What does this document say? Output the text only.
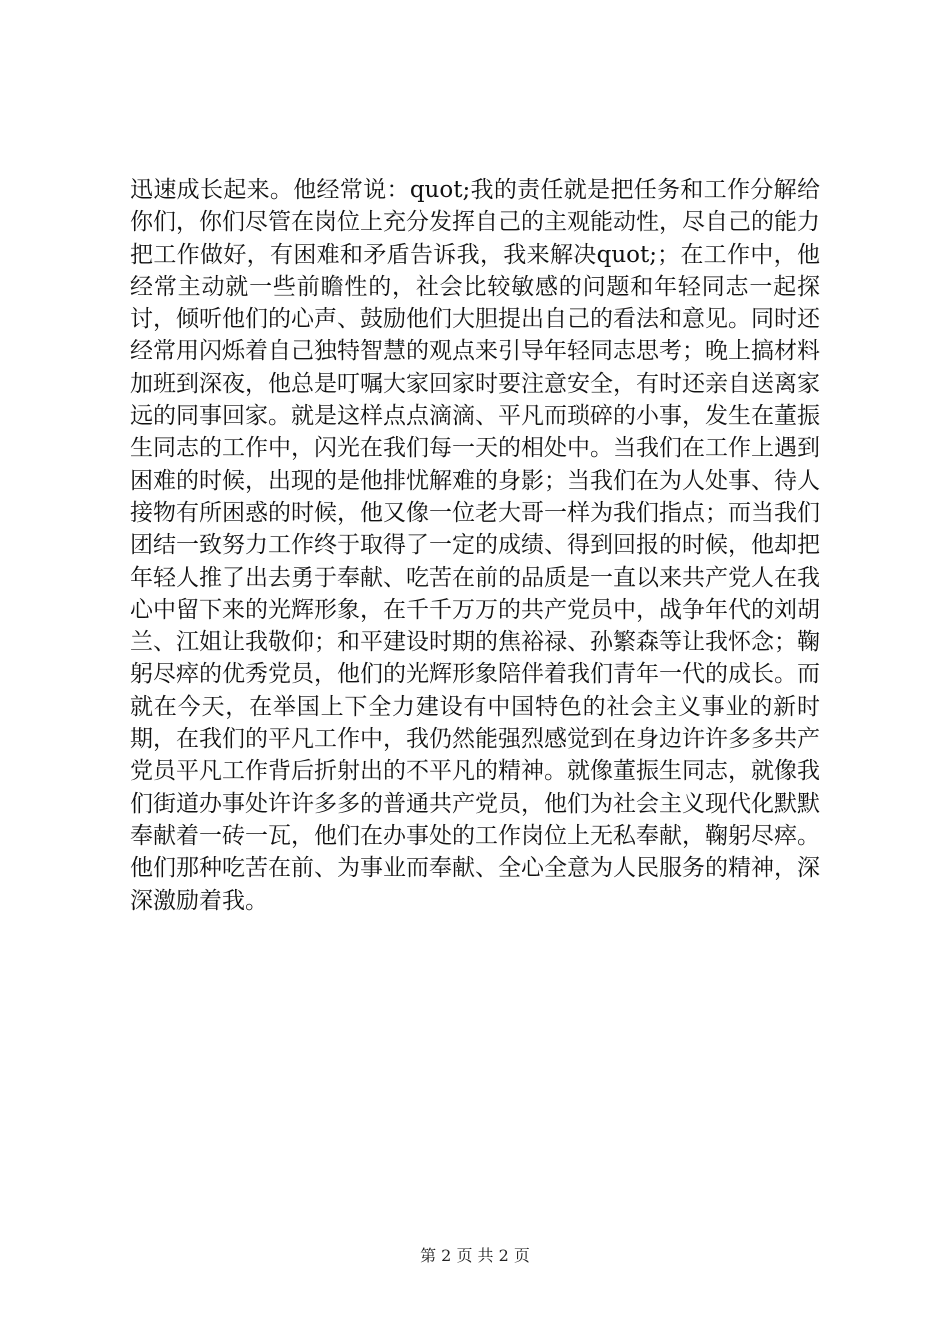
迅速成长起来。他经常说：quot;我的责任就是把任务和工作分解给你们，你们尽管在岗位上充分发挥自己的主观能动性，尽自己的能力把工作做好，有困难和矛盾告诉我，我来解决quot;；在工作中，他经常主动就一些前瞻性的，社会比较敏感的问题和年轻同志一起探讨，倾听他们的心声、鼓励他们大胆提出自己的看法和意见。同时还经常用闪烁着自己独特智慧的观点来引导年轻同志思考；晚上搞材料加班到深夜，他总是叮嘱大家回家时要注意安全，有时还亲自送离家远的同事回家。就是这样点点滴滴、平凡而琐碎的小事，发生在董振生同志的工作中，闪光在我们每一天的相处中。当我们在工作上遇到困难的时候，出现的是他排忧解难的身影；当我们在为人处事、待人接物有所困惑的时候，他又像一位老大哥一样为我们指点；而当我们团结一致努力工作终于取得了一定的成绩、得到回报的时候，他却把年轻人推了出去勇于奉献、吃苦在前的品质是一直以来共产党人在我心中留下来的光辉形象，在千千万万的共产党员中，战争年代的刘胡兰、江姐让我敬仰；和平建设时期的焦裕禄、孙繁森等让我怀念；鞠躬尽瘁的优秀党员，他们的光辉形象陪伴着我们青年一代的成长。而就在今天，在举国上下全力建设有中国特色的社会主义事业的新时期，在我们的平凡工作中，我仍然能强烈感觉到在身边许许多多共产党员平凡工作背后折射出的不平凡的精神。就像董振生同志，就像我们街道办事处许许多多的普通共产党员，他们为社会主义现代化默默奉献着一砖一瓦，他们在办事处的工作岗位上无私奉献，鞠躬尽瘁。他们那种吃苦在前、为事业而奉献、全心全意为人民服务的精神，深深激励着我。

第 2 页 共 2 页
